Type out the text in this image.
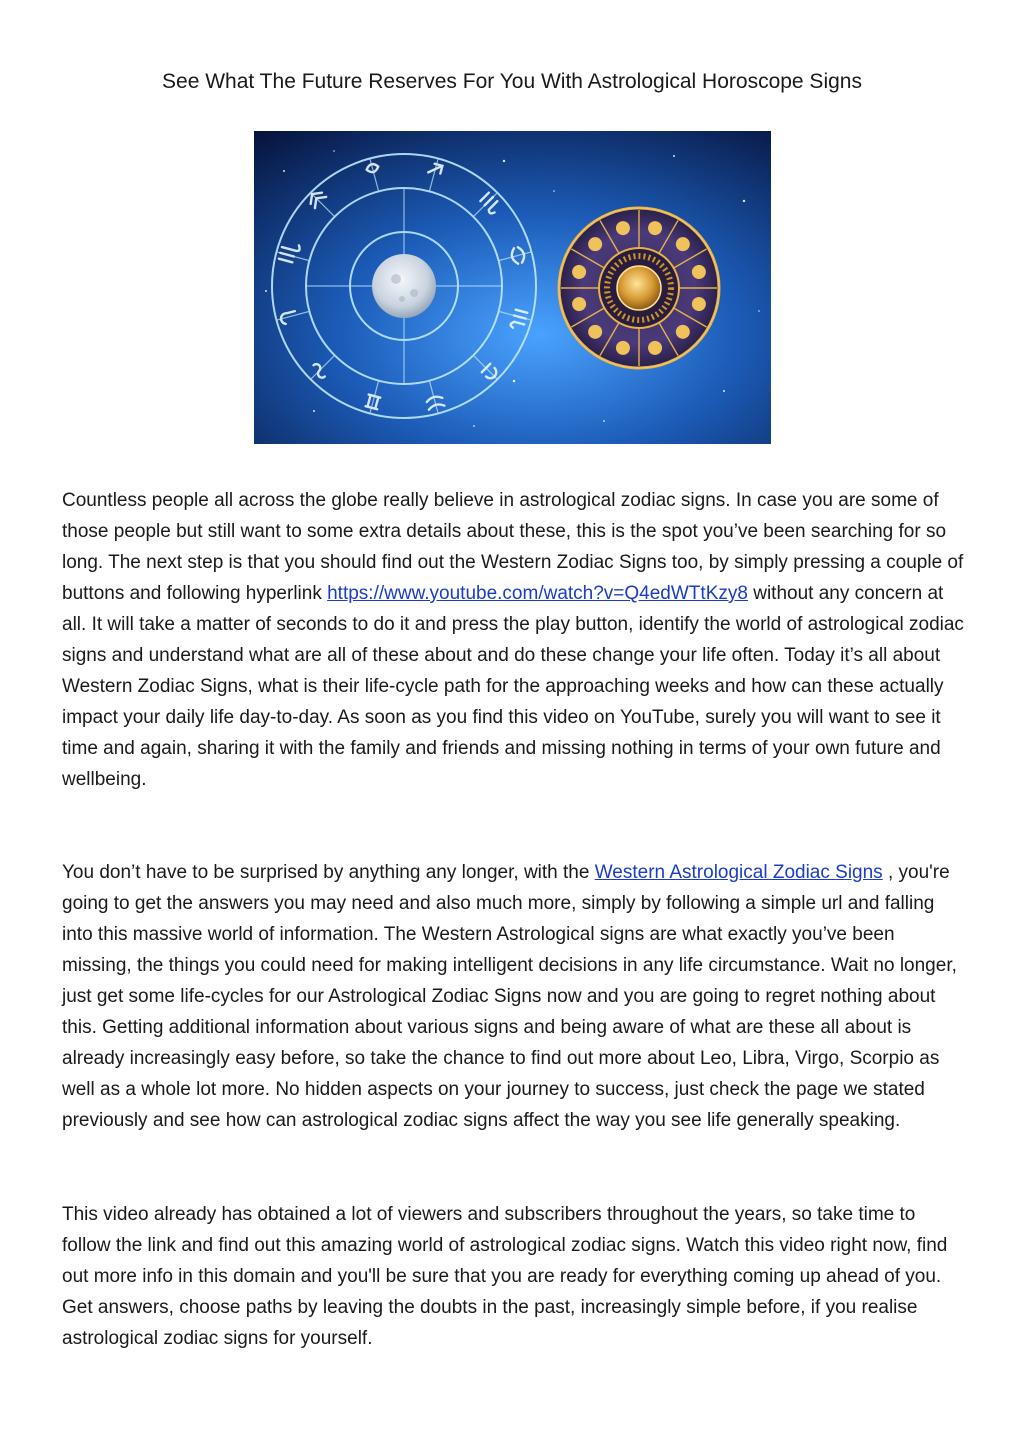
See What The Future Reserves For You With Astrological Horoscope Signs

Countless people all across the globe really believe in astrological zodiac signs. In case you are some of those people but still want to some extra details about these, this is the spot you’ve been searching for so long. The next step is that you should find out the Western Zodiac Signs too, by simply pressing a couple of buttons and following hyperlink https://www.youtube.com/watch?v=Q4edWTtKzy8 without any concern at all. It will take a matter of seconds to do it and press the play button, identify the world of astrological zodiac signs and understand what are all of these about and do these change your life often. Today it’s all about Western Zodiac Signs, what is their life-cycle path for the approaching weeks and how can these actually impact your daily life day-to-day. As soon as you find this video on YouTube, surely you will want to see it time and again, sharing it with the family and friends and missing nothing in terms of your own future and wellbeing.

You don’t have to be surprised by anything any longer, with the Western Astrological Zodiac Signs , you're going to get the answers you may need and also much more, simply by following a simple url and falling into this massive world of information. The Western Astrological signs are what exactly you’ve been missing, the things you could need for making intelligent decisions in any life circumstance. Wait no longer, just get some life-cycles for our Astrological Zodiac Signs now and you are going to regret nothing about this. Getting additional information about various signs and being aware of what are these all about is already increasingly easy before, so take the chance to find out more about Leo, Libra, Virgo, Scorpio as well as a whole lot more. No hidden aspects on your journey to success, just check the page we stated previously and see how can astrological zodiac signs affect the way you see life generally speaking.

This video already has obtained a lot of viewers and subscribers throughout the years, so take time to follow the link and find out this amazing world of astrological zodiac signs. Watch this video right now, find out more info in this domain and you'll be sure that you are ready for everything coming up ahead of you. Get answers, choose paths by leaving the doubts in the past, increasingly simple before, if you realise astrological zodiac signs for yourself.
